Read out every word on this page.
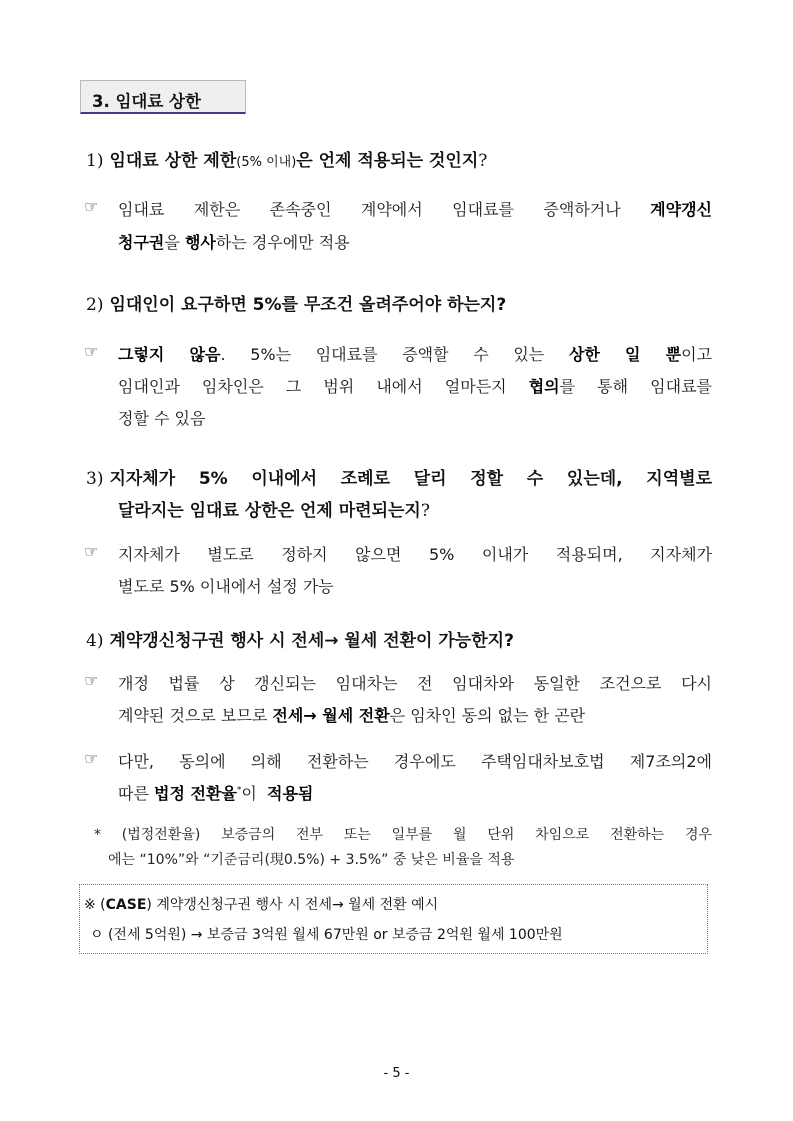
3. 임대료 상한
1) 임대료 상한 제한(5% 이내)은 언제 적용되는 것인지?
☞ 임대료 제한은 존속중인 계약에서 임대료를 증액하거나 계약갱신
청구권을 행사하는 경우에만 적용
2) 임대인이 요구하면 5%를 무조건 올려주어야 하는지?
☞ 그렇지 않음. 5%는 임대료를 증액할 수 있는 상한 일 뿐이고
임대인과 임차인은 그 범위 내에서 얼마든지 협의를 통해 임대료를
정할 수 있음
3) 지자체가 5% 이내에서 조례로 달리 정할 수 있는데, 지역별로
달라지는 임대료 상한은 언제 마련되는지?
☞ 지자체가 별도로 정하지 않으면 5% 이내가 적용되며, 지자체가
별도로 5% 이내에서 설정 가능
4) 계약갱신청구권 행사 시 전세→ 월세 전환이 가능한지?
☞ 개정 법률 상 갱신되는 임대차는 전 임대차와 동일한 조건으로 다시
계약된 것으로 보므로 전세→ 월세 전환은 임차인 동의 없는 한 곤란
☞ 다만, 동의에 의해 전환하는 경우에도 주택임대차보호법 제7조의2에
따른 법정 전환율*이 적용됨
* (법정전환율) 보증금의 전부 또는 일부를 월 단위 차임으로 전환하는 경우
에는 “10%”와 “기준금리(現0.5%) + 3.5%” 중 낮은 비율을 적용
※ (CASE) 계약갱신청구권 행사 시 전세→ 월세 전환 예시
ㅇ (전세 5억원) → 보증금 3억원 월세 67만원 or 보증금 2억원 월세 100만원
- 5 -
